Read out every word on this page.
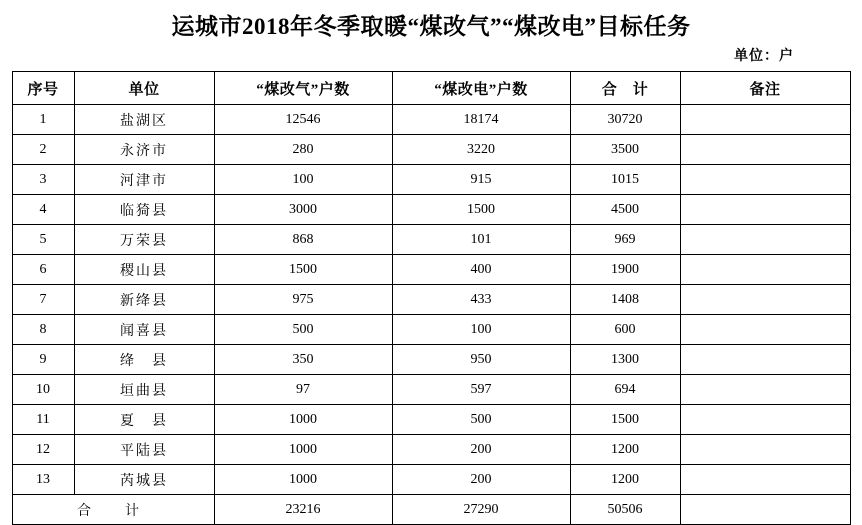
运城市2018年冬季取暖“煤改气”“煤改电”目标任务
单位：户
序号	单位	“煤改气”户数	“煤改电”户数	合　计	备注
1	盐湖区	12546	18174	30720	
2	永济市	280	3220	3500	
3	河津市	100	915	1015	
4	临猗县	3000	1500	4500	
5	万荣县	868	101	969	
6	稷山县	1500	400	1900	
7	新绛县	975	433	1408	
8	闻喜县	500	100	600	
9	绛　县	350	950	1300	
10	垣曲县	97	597	694	
11	夏　县	1000	500	1500	
12	平陆县	1000	200	1200	
13	芮城县	1000	200	1200	
合　计		23216	27290	50506	
